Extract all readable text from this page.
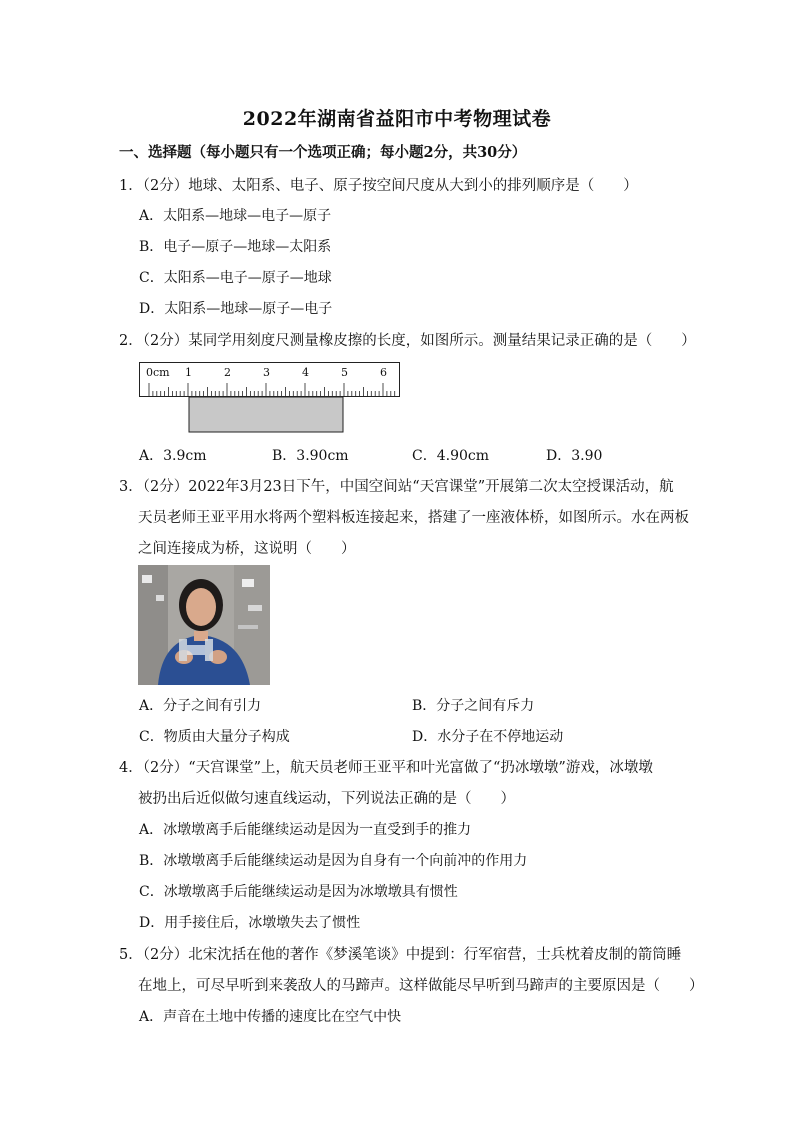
2022年湖南省益阳市中考物理试卷
一、选择题（每小题只有一个选项正确；每小题2分，共30分）
1．（2分）地球、太阳系、电子、原子按空间尺度从大到小的排列顺序是（　　）
A．太阳系—地球—电子—原子
B．电子—原子—地球—太阳系
C．太阳系—电子—原子—地球
D．太阳系—地球—原子—电子
2．（2分）某同学用刻度尺测量橡皮擦的长度，如图所示。测量结果记录正确的是（　　）
0cm 1	2	3	4	5	6
A．3.9cm	B．3.90cm	C．4.90cm	D．3.90
3．（2分）2022年3月23日下午，中国空间站“天宫课堂”开展第二次太空授课活动，航
天员老师王亚平用水将两个塑料板连接起来，搭建了一座液体桥，如图所示。水在两板
之间连接成为桥，这说明（　　）
A．分子之间有引力	B．分子之间有斥力
C．物质由大量分子构成	D．水分子在不停地运动
4．（2分）“天宫课堂”上，航天员老师王亚平和叶光富做了“扔冰墩墩”游戏，冰墩墩
被扔出后近似做匀速直线运动，下列说法正确的是（　　）
A．冰墩墩离手后能继续运动是因为一直受到手的推力
B．冰墩墩离手后能继续运动是因为自身有一个向前冲的作用力
C．冰墩墩离手后能继续运动是因为冰墩墩具有惯性
D．用手接住后，冰墩墩失去了惯性
5．（2分）北宋沈括在他的著作《梦溪笔谈》中提到：行军宿营，士兵枕着皮制的箭筒睡
在地上，可尽早听到来袭敌人的马蹄声。这样做能尽早听到马蹄声的主要原因是（　　）
A．声音在土地中传播的速度比在空气中快
